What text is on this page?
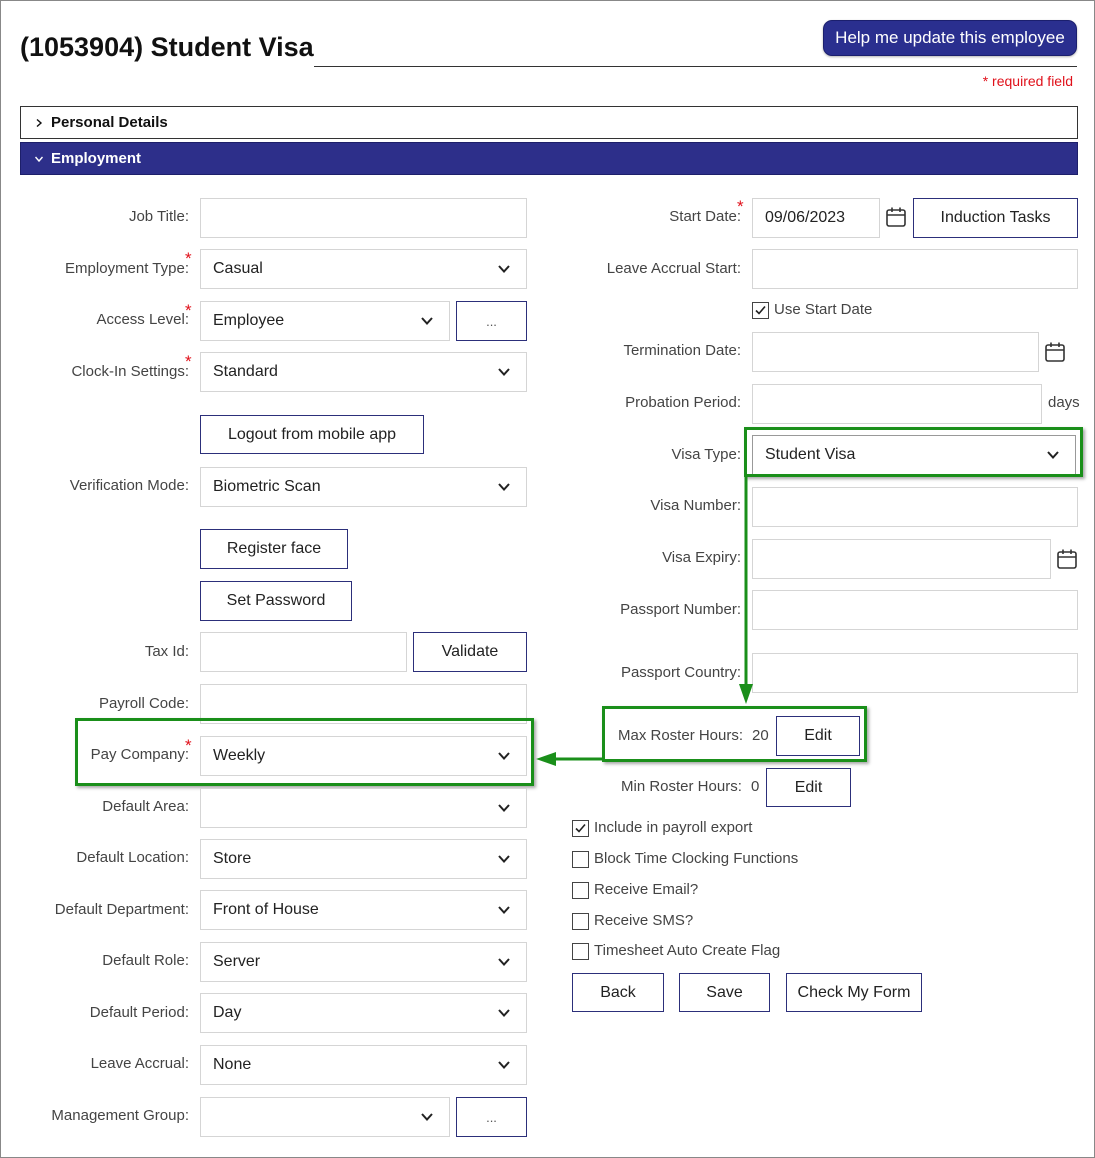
(1053904) Student Visa	Help me update this employee
* required field
Personal Details
Employment
Job Title:
Employment Type:
*
Casual
Access Level:
*
Employee	...
Clock-In Settings:
*
Standard
Logout from mobile app
Verification Mode: Biometric Scan
Register face
Set Password
Tax Id:	Validate
Payroll Code:
Pay Company:
*
Weekly
Default Area:
Default Location: Store
Default Department: Front of House
Default Role: Server
Default Period: Day
Leave Accrual: None
Management Group:	...
Start Date:
*
09/06/2023	Induction Tasks
Leave Accrual Start:
Use Start Date
Termination Date:
Probation Period:	days
Visa Type: Student Visa
Visa Number:
Visa Expiry:
Passport Number:
Passport Country:
Max Roster Hours: 20	Edit
Min Roster Hours: 0	Edit
Include in payroll export
Block Time Clocking Functions
Receive Email?
Receive SMS?
Timesheet Auto Create Flag
Back	Save	Check My Form
